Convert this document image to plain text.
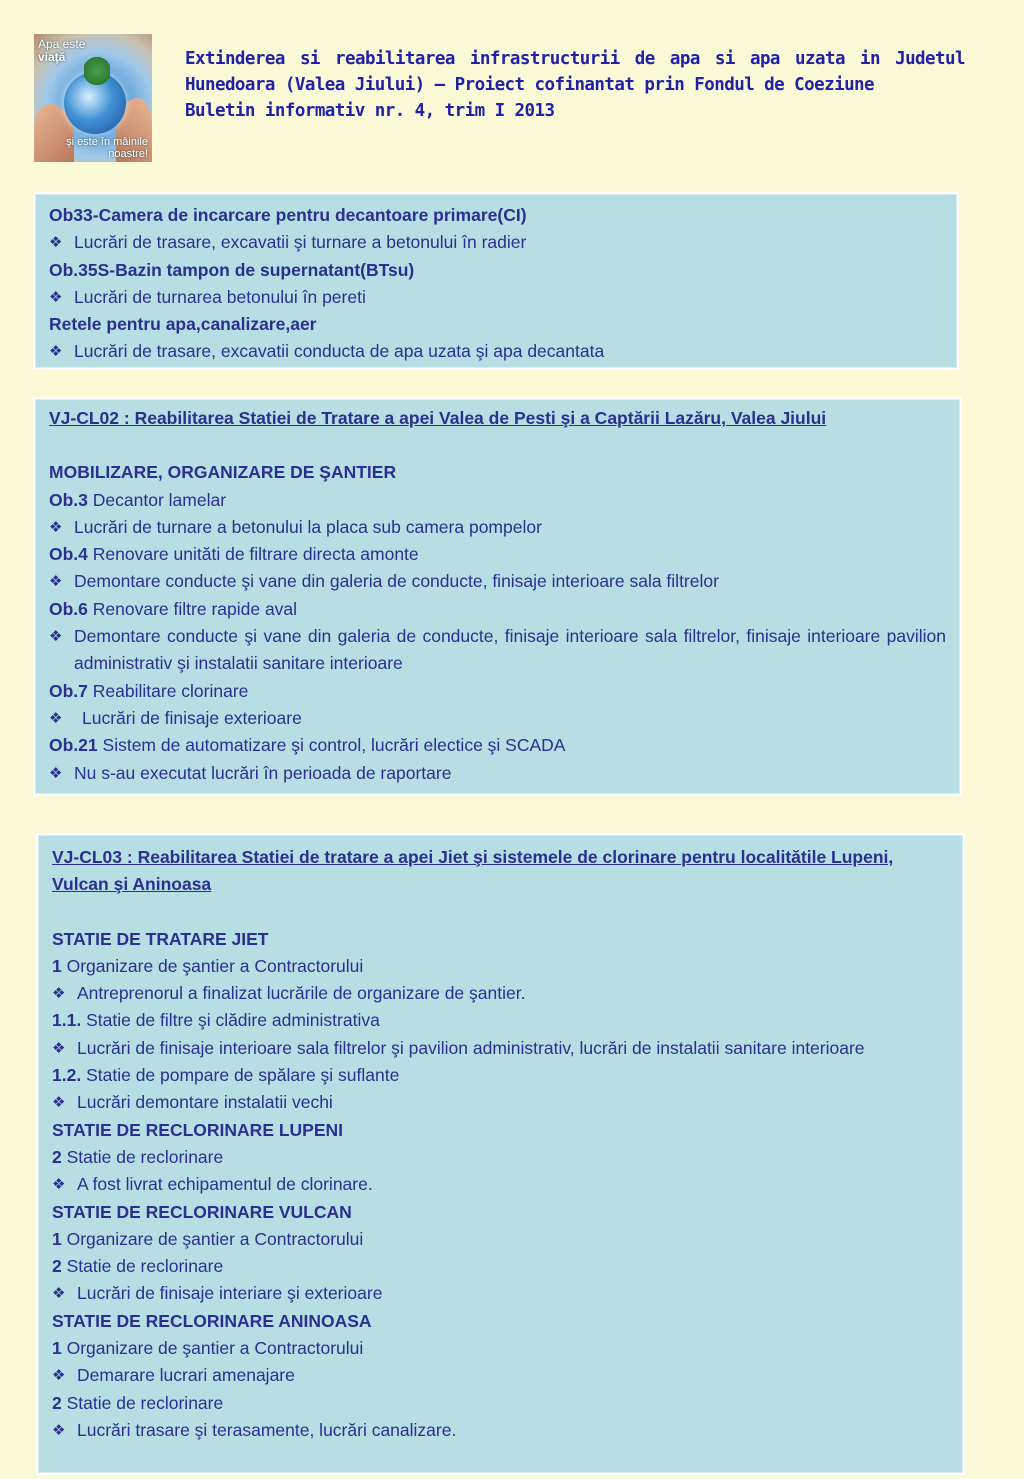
Apa este
viaţă
şi este în mâinile
noastre!
Extinderea si reabilitarea infrastructurii de apa si apa uzata in Judetul
Hunedoara (Valea Jiului) – Proiect cofinantat prin Fondul de Coeziune
Buletin informativ nr. 4, trim I 2013
Ob33-Camera de incarcare pentru decantoare primare(CI)
❖ Lucrări de trasare, excavatii şi turnare a betonului în radier
Ob.35S-Bazin tampon de supernatant(BTsu)
❖ Lucrări de turnarea betonului în pereti
Retele pentru apa,canalizare,aer
❖ Lucrări de trasare, excavatii conducta de apa uzata şi apa decantata
VJ-CL02 : Reabilitarea Statiei de Tratare a apei Valea de Pesti şi a Captării Lazăru, Valea Jiului
MOBILIZARE, ORGANIZARE DE ŞANTIER
Ob.3 Decantor lamelar
❖ Lucrări de turnare a betonului la placa sub camera pompelor
Ob.4 Renovare unităti de filtrare directa amonte
❖ Demontare conducte şi vane din galeria de conducte, finisaje interioare sala filtrelor
Ob.6 Renovare filtre rapide aval
❖ Demontare conducte şi vane din galeria de conducte, finisaje interioare sala filtrelor, finisaje interioare pavilion administrativ şi instalatii sanitare interioare
Ob.7 Reabilitare clorinare
❖	Lucrări de finisaje exterioare
Ob.21 Sistem de automatizare şi control, lucrări electice şi SCADA
❖ Nu s-au executat lucrări în perioada de raportare
VJ-CL03 : Reabilitarea Statiei de tratare a apei Jiet şi sistemele de clorinare pentru localitătile Lupeni, Vulcan şi Aninoasa
STATIE DE TRATARE JIET
1 Organizare de şantier a Contractorului
❖ Antreprenorul a finalizat lucrările de organizare de şantier.
1.1. Statie de filtre şi clădire administrativa
❖ Lucrări de finisaje interioare sala filtrelor şi pavilion administrativ, lucrări de instalatii sanitare interioare
1.2. Statie de pompare de spălare şi suflante
❖ Lucrări demontare instalatii vechi
STATIE DE RECLORINARE LUPENI
2 Statie de reclorinare
❖ A fost livrat echipamentul de clorinare.
STATIE DE RECLORINARE VULCAN
1 Organizare de şantier a Contractorului
2 Statie de reclorinare
❖ Lucrări de finisaje interiare şi exterioare
STATIE DE RECLORINARE ANINOASA
1 Organizare de şantier a Contractorului
❖ Demarare lucrari amenajare
2 Statie de reclorinare
❖ Lucrări trasare şi terasamente, lucrări canalizare.
